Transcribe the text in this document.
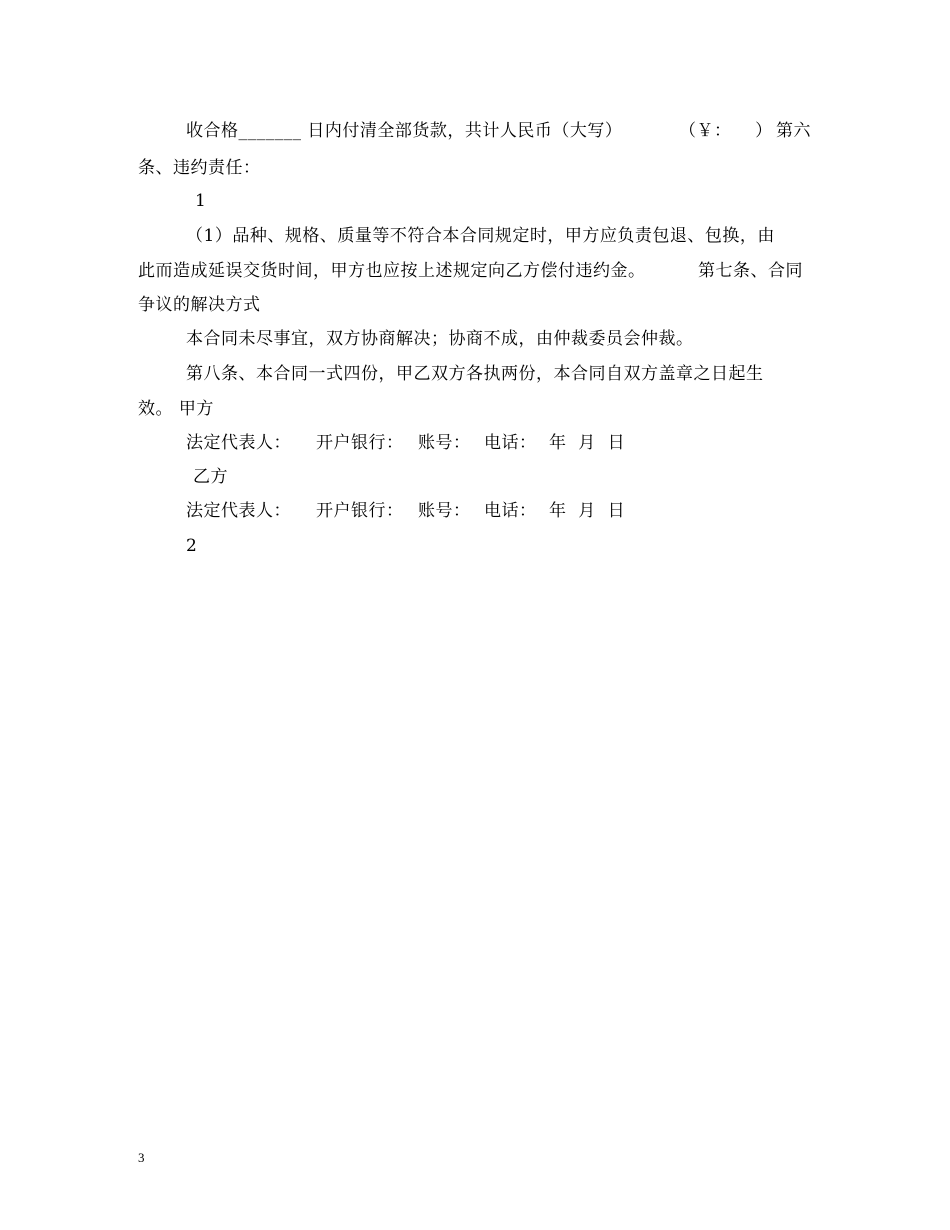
收合格_______ 日内付清全部货款，共计人民币（大写）

	（￥：    ）

第六

条、违约责任：
1
（1）品种、规格、质量等不符合本合同规定时，甲方应负责包退、包换，由

此而造成延误交货时间，甲方也应按上述规定向乙方偿付违约金。

	第七条、合同

争议的解决方式
本合同未尽事宜，双方协商解决；协商不成，由仲裁委员会仲裁。
第八条、本合同一式四份，甲乙双方各执两份，本合同自双方盖章之日起生
效。 甲方

法定代表人：

开户银行：

账号：

电话：

年  月  日

乙方

法定代表人：

开户银行：

账号：

电话：

年  月  日

2
3
